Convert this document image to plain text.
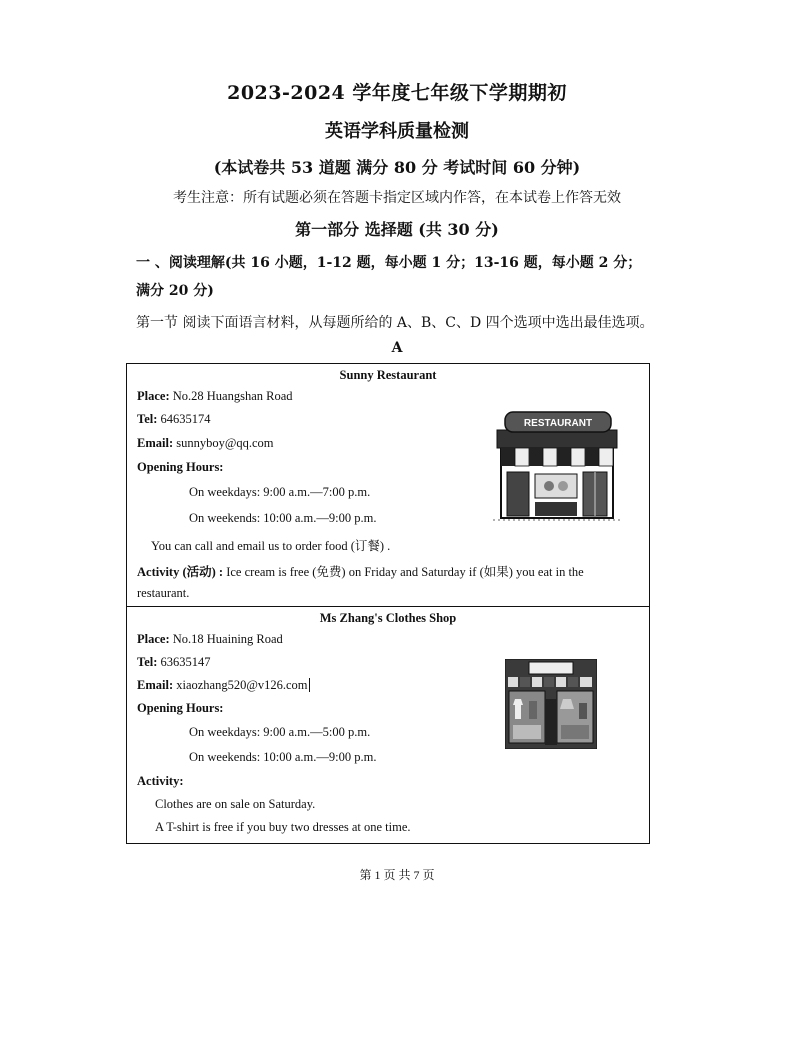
2023-2024 学年度七年级下学期期初
英语学科质量检测
(本试卷共 53 道题 满分 80 分 考试时间 60 分钟)
考生注意：所有试题必须在答题卡指定区域内作答，在本试卷上作答无效
第一部分 选择题 (共 30 分)
一 、阅读理解(共 16 小题，1-12 题，每小题 1 分；13-16 题，每小题 2 分；
满分 20 分)
第一节 阅读下面语言材料，从每题所给的 A、B、C、D 四个选项中选出最佳选项。
A
Sunny Restaurant
Place: No.28 Huangshan Road
Tel: 64635174
Email: sunnyboy@qq.com
Opening Hours:
On weekdays: 9:00 a.m.—7:00 p.m.
On weekends: 10:00 a.m.—9:00 p.m.
You can call and email us to order food (订餐) .
Activity (活动) : Ice cream is free (免费) on Friday and Saturday if (如果) you eat in the
restaurant.
RESTAURANT
Ms Zhang's Clothes Shop
Place: No.18 Huaining Road
Tel: 63635147
Email: xiaozhang520@v126.com
Opening Hours:
On weekdays: 9:00 a.m.—5:00 p.m.
On weekends: 10:00 a.m.—9:00 p.m.
Activity:
Clothes are on sale on Saturday.
A T-shirt is free if you buy two dresses at one time.
第 1 页 共 7 页
